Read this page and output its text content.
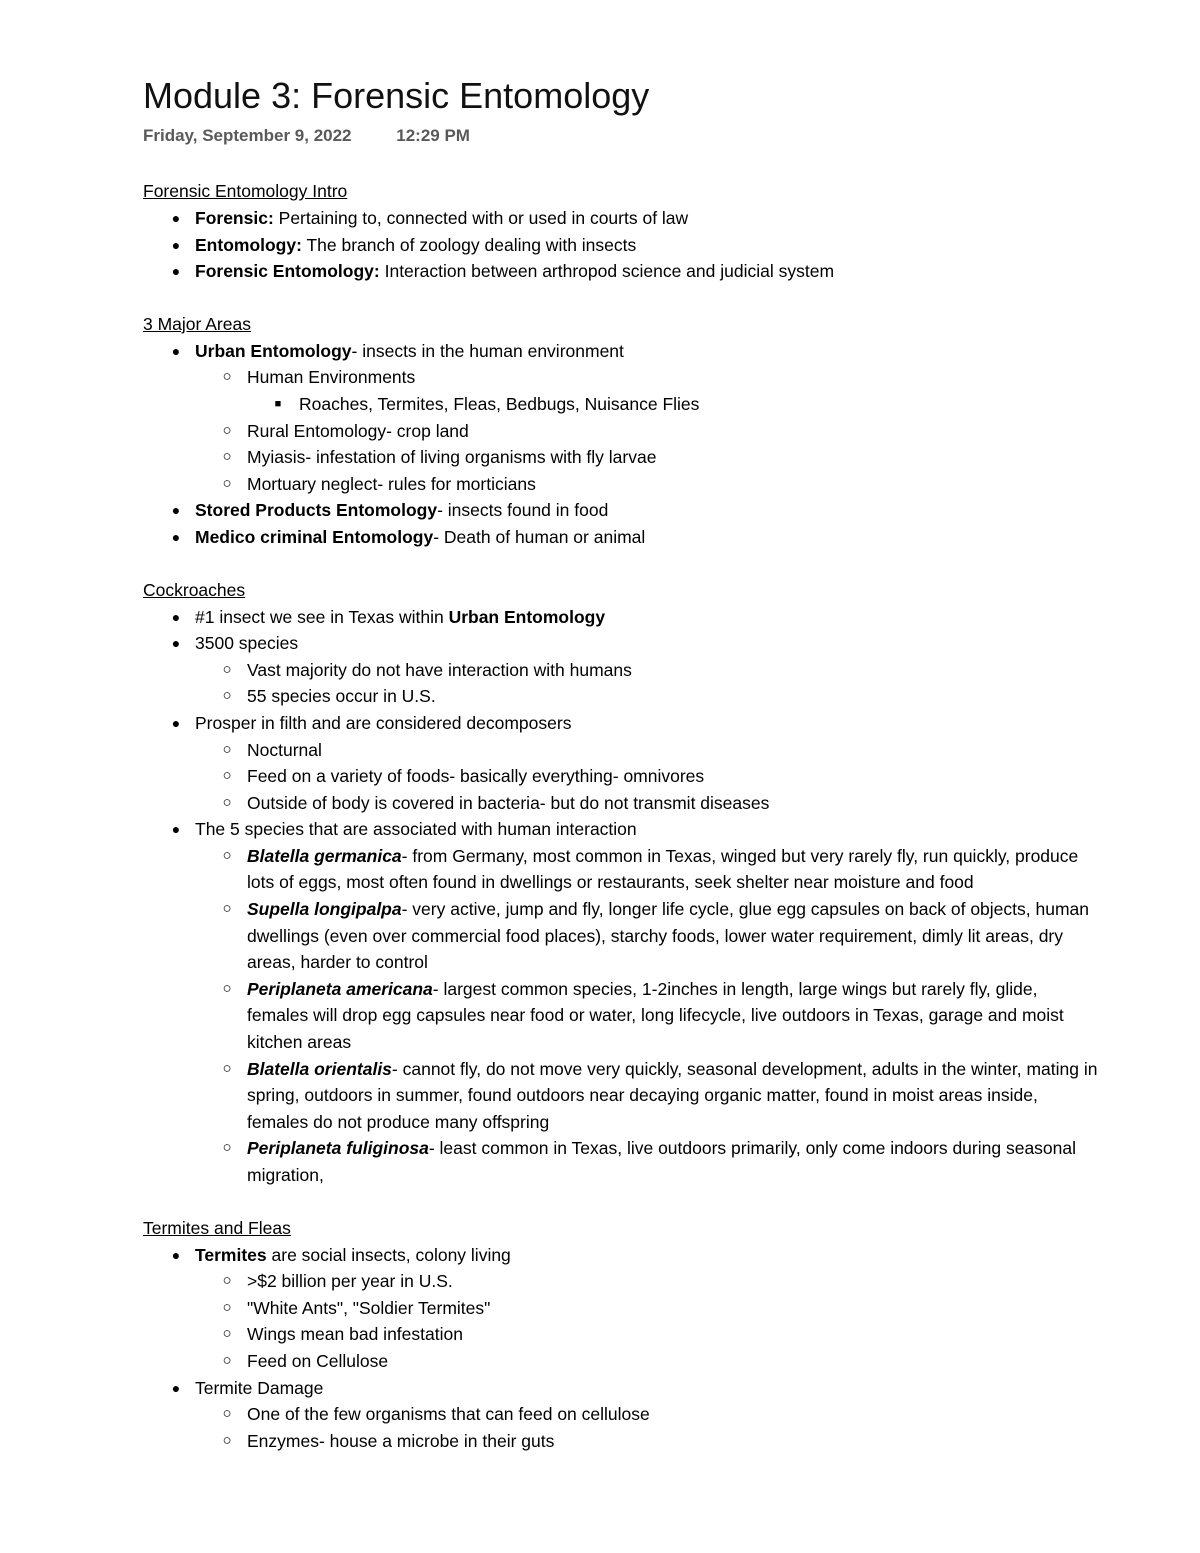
Module 3: Forensic Entomology
Friday, September 9, 2022	12:29 PM
Forensic Entomology Intro
● Forensic: Pertaining to, connected with or used in courts of law
● Entomology: The branch of zoology dealing with insects
● Forensic Entomology: Interaction between arthropod science and judicial system
3 Major Areas
● Urban Entomology- insects in the human environment
○ Human Environments
■ Roaches, Termites, Fleas, Bedbugs, Nuisance Flies
○ Rural Entomology- crop land
○ Myiasis- infestation of living organisms with fly larvae
○ Mortuary neglect- rules for morticians
● Stored Products Entomology- insects found in food
● Medico criminal Entomology- Death of human or animal
Cockroaches
● #1 insect we see in Texas within Urban Entomology
● 3500 species
○ Vast majority do not have interaction with humans
○ 55 species occur in U.S.
● Prosper in filth and are considered decomposers
○ Nocturnal
○ Feed on a variety of foods- basically everything- omnivores
○ Outside of body is covered in bacteria- but do not transmit diseases
● The 5 species that are associated with human interaction
○ Blatella germanica- from Germany, most common in Texas, winged but very rarely fly, run quickly, produce lots of eggs, most often found in dwellings or restaurants, seek shelter near moisture and food
○ Supella longipalpa- very active, jump and fly, longer life cycle, glue egg capsules on back of objects, human dwellings (even over commercial food places), starchy foods, lower water requirement, dimly lit areas, dry areas, harder to control
○ Periplaneta americana- largest common species, 1-2inches in length, large wings but rarely fly, glide, females will drop egg capsules near food or water, long lifecycle, live outdoors in Texas, garage and moist kitchen areas
○ Blatella orientalis- cannot fly, do not move very quickly, seasonal development, adults in the winter, mating in spring, outdoors in summer, found outdoors near decaying organic matter, found in moist areas inside, females do not produce many offspring
○ Periplaneta fuliginosa- least common in Texas, live outdoors primarily, only come indoors during seasonal migration,
Termites and Fleas
● Termites are social insects, colony living
○ >$2 billion per year in U.S.
○ "White Ants", "Soldier Termites"
○ Wings mean bad infestation
○ Feed on Cellulose
● Termite Damage
○ One of the few organisms that can feed on cellulose
○ Enzymes- house a microbe in their guts
